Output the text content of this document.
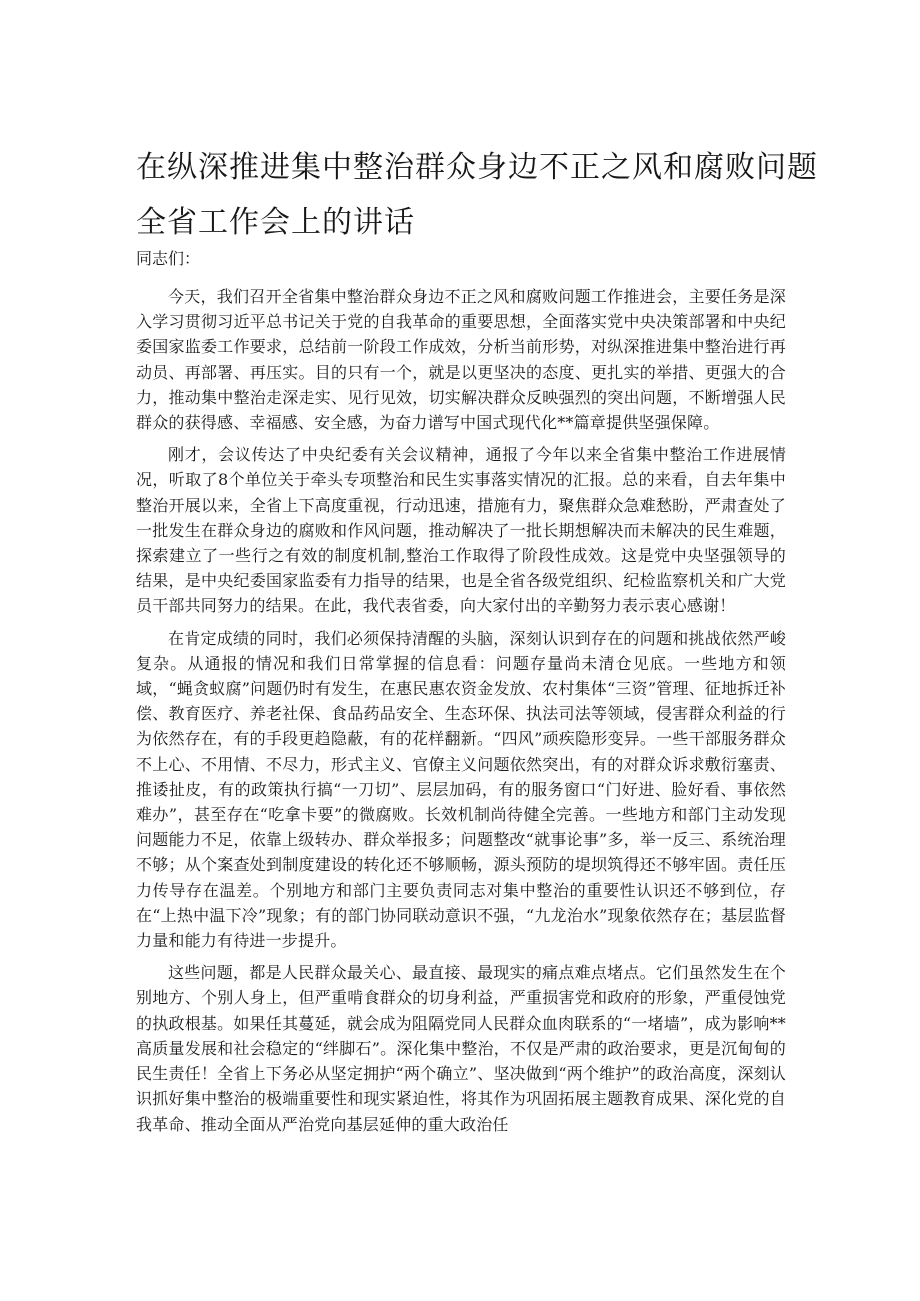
在纵深推进集中整治群众身边不正之风和腐败问题
全省工作会上的讲话

同志们：

今天，我们召开全省集中整治群众身边不正之风和腐败问题工作推进会，主要任务是深入学习贯彻习近平总书记关于党的自我革命的重要思想，全面落实党中央决策部署和中央纪委国家监委工作要求，总结前一阶段工作成效，分析当前形势，对纵深推进集中整治进行再动员、再部署、再压实。目的只有一个，就是以更坚决的态度、更扎实的举措、更强大的合力，推动集中整治走深走实、见行见效，切实解决群众反映强烈的突出问题，不断增强人民群众的获得感、幸福感、安全感，为奋力谱写中国式现代化**篇章提供坚强保障。

刚才，会议传达了中央纪委有关会议精神，通报了今年以来全省集中整治工作进展情况，听取了8个单位关于牵头专项整治和民生实事落实情况的汇报。总的来看，自去年集中整治开展以来，全省上下高度重视，行动迅速，措施有力，聚焦群众急难愁盼，严肃查处了一批发生在群众身边的腐败和作风问题，推动解决了一批长期想解决而未解决的民生难题，探索建立了一些行之有效的制度机制,整治工作取得了阶段性成效。这是党中央坚强领导的结果，是中央纪委国家监委有力指导的结果，也是全省各级党组织、纪检监察机关和广大党员干部共同努力的结果。在此，我代表省委，向大家付出的辛勤努力表示衷心感谢！

在肯定成绩的同时，我们必须保持清醒的头脑，深刻认识到存在的问题和挑战依然严峻复杂。从通报的情况和我们日常掌握的信息看：问题存量尚未清仓见底。一些地方和领域，“蝇贪蚁腐”问题仍时有发生，在惠民惠农资金发放、农村集体“三资”管理、征地拆迁补偿、教育医疗、养老社保、食品药品安全、生态环保、执法司法等领域，侵害群众利益的行为依然存在，有的手段更趋隐蔽，有的花样翻新。“四风”顽疾隐形变异。一些干部服务群众不上心、不用情、不尽力，形式主义、官僚主义问题依然突出，有的对群众诉求敷衍塞责、推诿扯皮，有的政策执行搞“一刀切”、层层加码，有的服务窗口“门好进、脸好看、事依然难办”，甚至存在“吃拿卡要”的微腐败。长效机制尚待健全完善。一些地方和部门主动发现问题能力不足，依靠上级转办、群众举报多；问题整改“就事论事”多，举一反三、系统治理不够；从个案查处到制度建设的转化还不够顺畅，源头预防的堤坝筑得还不够牢固。责任压力传导存在温差。个别地方和部门主要负责同志对集中整治的重要性认识还不够到位，存在“上热中温下冷”现象；有的部门协同联动意识不强，“九龙治水”现象依然存在；基层监督力量和能力有待进一步提升。

这些问题，都是人民群众最关心、最直接、最现实的痛点难点堵点。它们虽然发生在个别地方、个别人身上，但严重啃食群众的切身利益，严重损害党和政府的形象，严重侵蚀党的执政根基。如果任其蔓延，就会成为阻隔党同人民群众血肉联系的“一堵墙”，成为影响**高质量发展和社会稳定的“绊脚石”。深化集中整治，不仅是严肃的政治要求，更是沉甸甸的民生责任！全省上下务必从坚定拥护“两个确立”、坚决做到“两个维护”的政治高度，深刻认识抓好集中整治的极端重要性和现实紧迫性，将其作为巩固拓展主题教育成果、深化党的自我革命、推动全面从严治党向基层延伸的重大政治任
